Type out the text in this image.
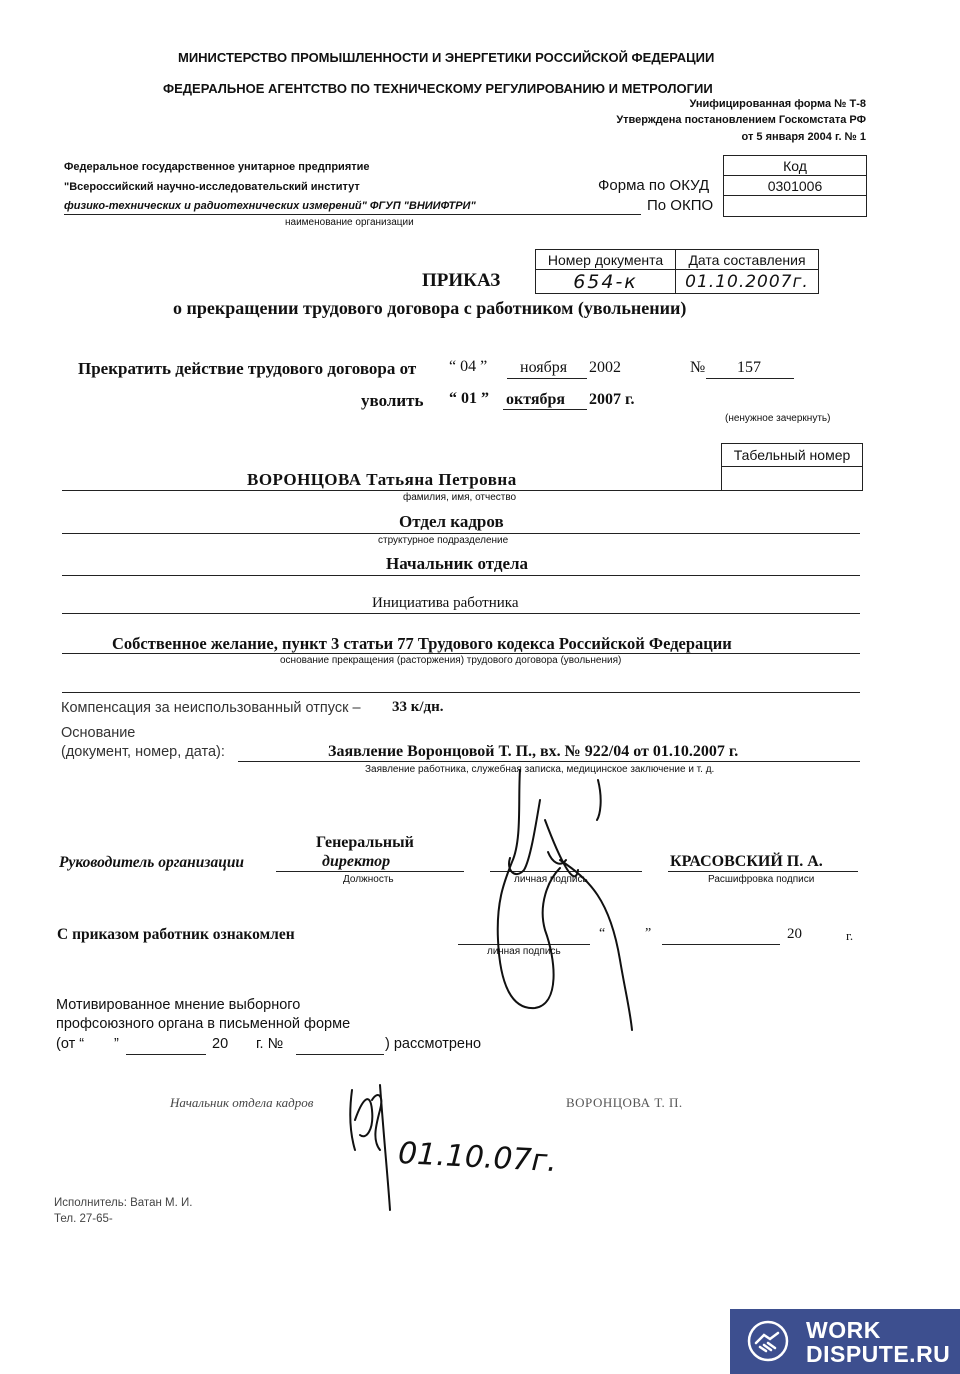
МИНИСТЕРСТВО ПРОМЫШЛЕННОСТИ И ЭНЕРГЕТИКИ РОССИЙСКОЙ ФЕДЕРАЦИИ
ФЕДЕРАЛЬНОЕ АГЕНТСТВО ПО ТЕХНИЧЕСКОМУ РЕГУЛИРОВАНИЮ И МЕТРОЛОГИИ
Унифицированная форма № Т-8
Утверждена постановлением Госкомстата РФ
от 5 января 2004 г. № 1
Федеральное государственное унитарное предприятие
"Всероссийский научно-исследовательский институт
физико-технических и радиотехнических измерений" ФГУП "ВНИИФТРИ"
наименование организации
Форма по ОКУД
По ОКПО
Код
0301006

ПРИКАЗ
Номер документа	Дата составления
654-к	01.10.2007г.
о прекращении трудового договора с работником (увольнении)
Прекратить действие трудового договора от “ 04 ” ноября 2002	№ 157
уволить “ 01 ” октября 2007 г.
(ненужное зачеркнуть)
Табельный номер

ВОРОНЦОВА Татьяна Петровна
фамилия, имя, отчество
Отдел кадров
структурное подразделение
Начальник отдела
Инициатива работника
Собственное желание, пункт 3 статьи 77 Трудового кодекса Российской Федерации
основание прекращения (расторжения) трудового договора (увольнения)
Компенсация за неиспользованный отпуск – 33 к/дн.
Основание
(документ, номер, дата):	Заявление Воронцовой Т. П., вх. № 922/04 от 01.10.2007 г.
Заявление работника, служебная записка, медицинское заключение и т. д.
Руководитель организации
Генеральный
директор
Должность	личная подпись
КРАСОВСКИЙ П. А.
Расшифровка подписи
С приказом работник ознакомлен
личная подпись
“	”	20	г.
Мотивированное мнение выборного
профсоюзного органа в письменной форме
(от “ ”	20 г. №	) рассмотрено
Начальник отдела кадров	ВОРОНЦОВА Т. П.
01.10.07г.
Исполнитель: Ватан М. И.
Тел. 27-65-
WORK
DISPUTE.RU
